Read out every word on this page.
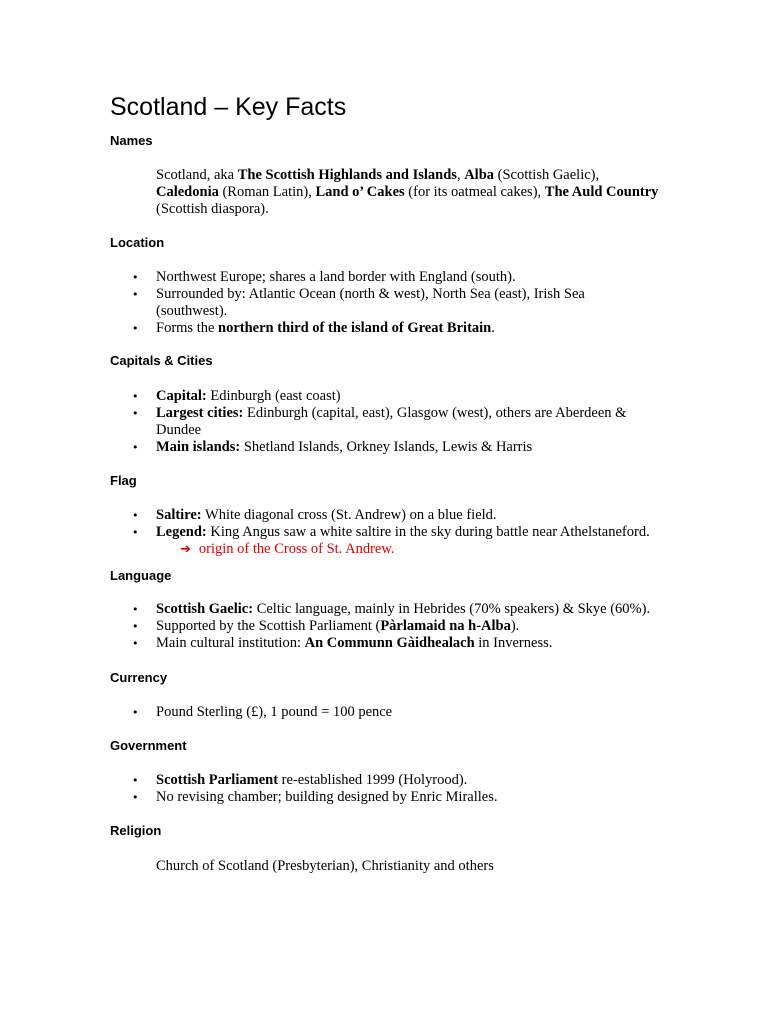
Scotland – Key Facts
Names

Scotland, aka The Scottish Highlands and Islands, Alba (Scottish Gaelic),
Caledonia (Roman Latin), Land o’ Cakes (for its oatmeal cakes), The Auld Country
(Scottish diaspora).

Location
• Northwest Europe; shares a land border with England (south).
• Surrounded by: Atlantic Ocean (north & west), North Sea (east), Irish Sea
(southwest).
• Forms the northern third of the island of Great Britain.
Capitals & Cities
• Capital: Edinburgh (east coast)
• Largest cities: Edinburgh (capital, east), Glasgow (west), others are Aberdeen &
Dundee
• Main islands: Shetland Islands, Orkney Islands, Lewis & Harris
Flag
• Saltire: White diagonal cross (St. Andrew) on a blue field.
• Legend: King Angus saw a white saltire in the sky during battle near Athelstaneford.
➔ origin of the Cross of St. Andrew.
Language
• Scottish Gaelic: Celtic language, mainly in Hebrides (70% speakers) & Skye (60%).
• Supported by the Scottish Parliament (Pàrlamaid na h-Alba).
• Main cultural institution: An Communn Gàidhealach in Inverness.
Currency
• Pound Sterling (£), 1 pound = 100 pence
Government
• Scottish Parliament re-established 1999 (Holyrood).
• No revising chamber; building designed by Enric Miralles.
Religion

Church of Scotland (Presbyterian), Christianity and others
